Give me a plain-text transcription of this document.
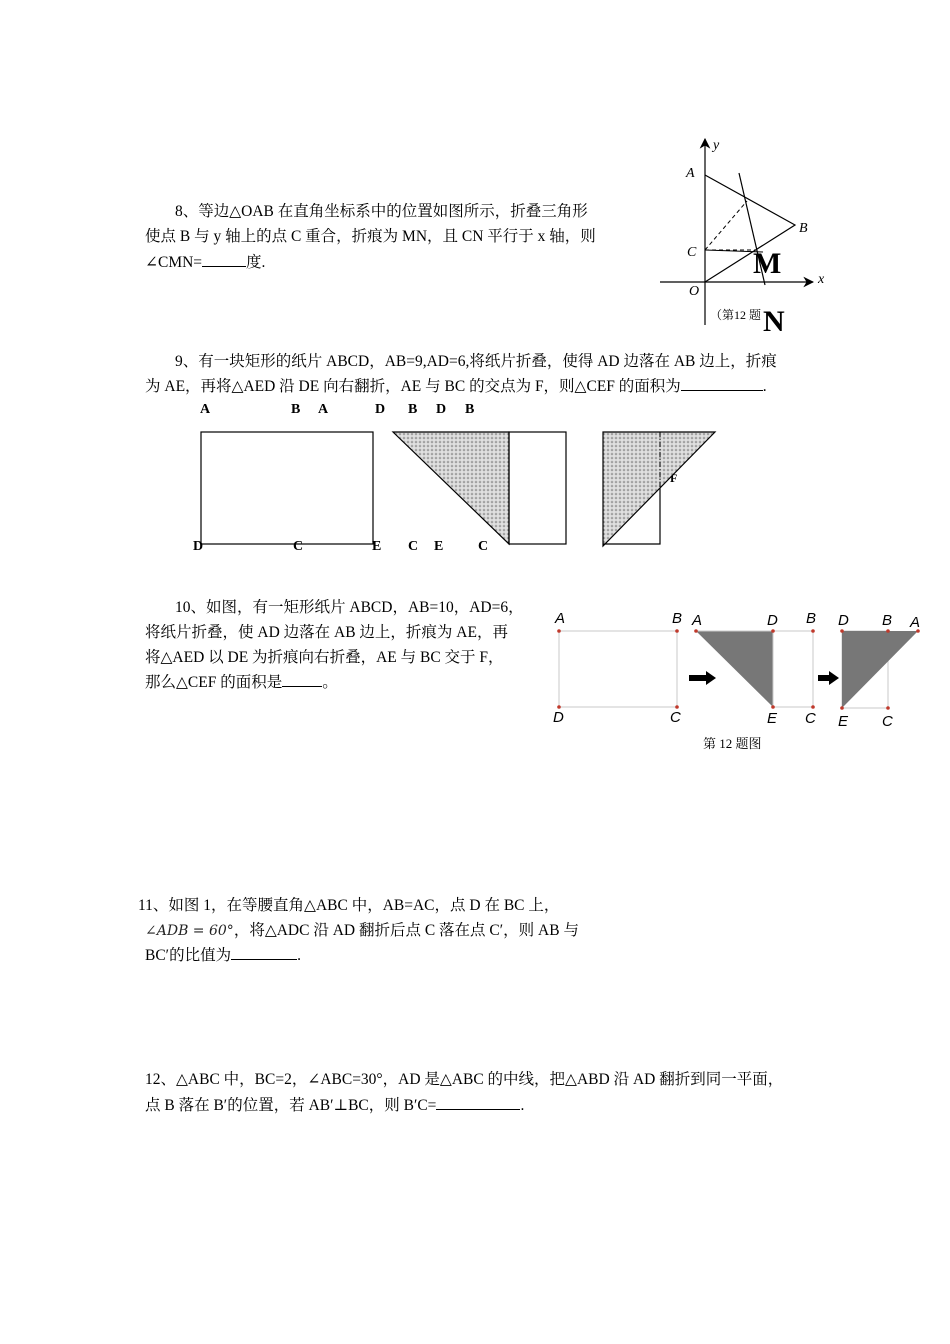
8、等边△OAB 在直角坐标系中的位置如图所示，折叠三角形
使点 B 与 y 轴上的点 C 重合，折痕为 MN，且 CN 平行于 x 轴，则
∠CMN=	度.
y
A
B
C M	x
O
（第12 题 N
9、有一块矩形的纸片 ABCD，AB=9,AD=6,将纸片折叠，使得 AD 边落在 AB 边上，折痕
为 AE，再将△AED 沿 DE 向右翻折，AE 与 BC 的交点为 F，则△CEF 的面积为	.
A	B A	D B D B
D	C	E C E C
F
10、如图，有一矩形纸片 ABCD，AB=10，AD=6，
将纸片折叠，使 AD 边落在 AB 边上，折痕为 AE，再
将△AED 以 DE 为折痕向右折叠，AE 与 BC 交于 F，
那么△CEF 的面积是	。
A	B
D	C
A	D B
E C
D B A
E C
第 12 题图
11、如图 1，在等腰直角△ABC 中，AB=AC，点 D 在 BC 上，
∠ADB = 60°，将△ADC 沿 AD 翻折后点 C 落在点 C′，则 AB 与
BC′的比值为	.
12、△ABC 中，BC=2，∠ABC=30°，AD 是△ABC 的中线，把△ABD 沿 AD 翻折到同一平面，
点 B 落在 B′的位置，若 AB′⊥BC，则 B′C=	.
